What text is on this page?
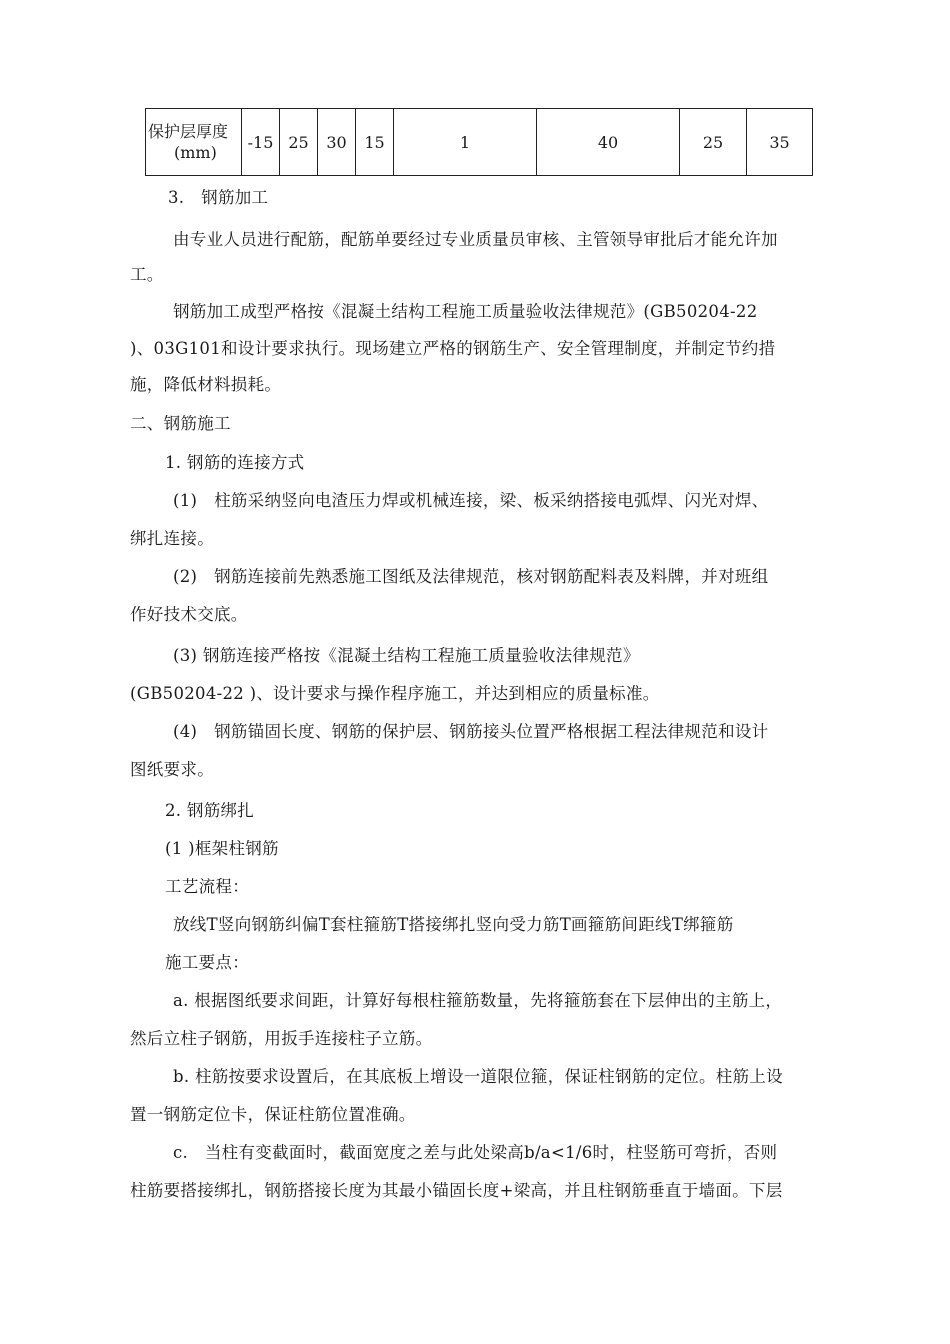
保护层厚度
(mm)
	-15	25	30	15	1	40	25	35
3.　钢筋加工
由专业人员进行配筋，配筋单要经过专业质量员审核、主管领导审批后才能允许加
工。
钢筋加工成型严格按《混凝土结构工程施工质量验收法律规范》(GB50204-22
)、03G101和设计要求执行。现场建立严格的钢筋生产、安全管理制度，并制定节约措
施，降低材料损耗。
二、钢筋施工
1. 钢筋的连接方式
(1)　柱筋采纳竖向电渣压力焊或机械连接，梁、板采纳搭接电弧焊、闪光对焊、
绑扎连接。
(2)　钢筋连接前先熟悉施工图纸及法律规范，核对钢筋配料表及料牌，并对班组
作好技术交底。
(3) 钢筋连接严格按《混凝土结构工程施工质量验收法律规范》
(GB50204-22 )、设计要求与操作程序施工，并达到相应的质量标准。
(4)　钢筋锚固长度、钢筋的保护层、钢筋接头位置严格根据工程法律规范和设计
图纸要求。
2. 钢筋绑扎
(1 )框架柱钢筋
工艺流程：
放线T竖向钢筋纠偏T套柱箍筋T搭接绑扎竖向受力筋T画箍筋间距线T绑箍筋
施工要点：
a. 根据图纸要求间距，计算好每根柱箍筋数量，先将箍筋套在下层伸出的主筋上，
然后立柱子钢筋，用扳手连接柱子立筋。
b. 柱筋按要求设置后，在其底板上增设一道限位箍，保证柱钢筋的定位。柱筋上设
置一钢筋定位卡，保证柱筋位置准确。
c.　当柱有变截面时，截面宽度之差与此处梁高b/a<1/6时，柱竖筋可弯折，否则
柱筋要搭接绑扎，钢筋搭接长度为其最小锚固长度+梁高，并且柱钢筋垂直于墙面。下层
